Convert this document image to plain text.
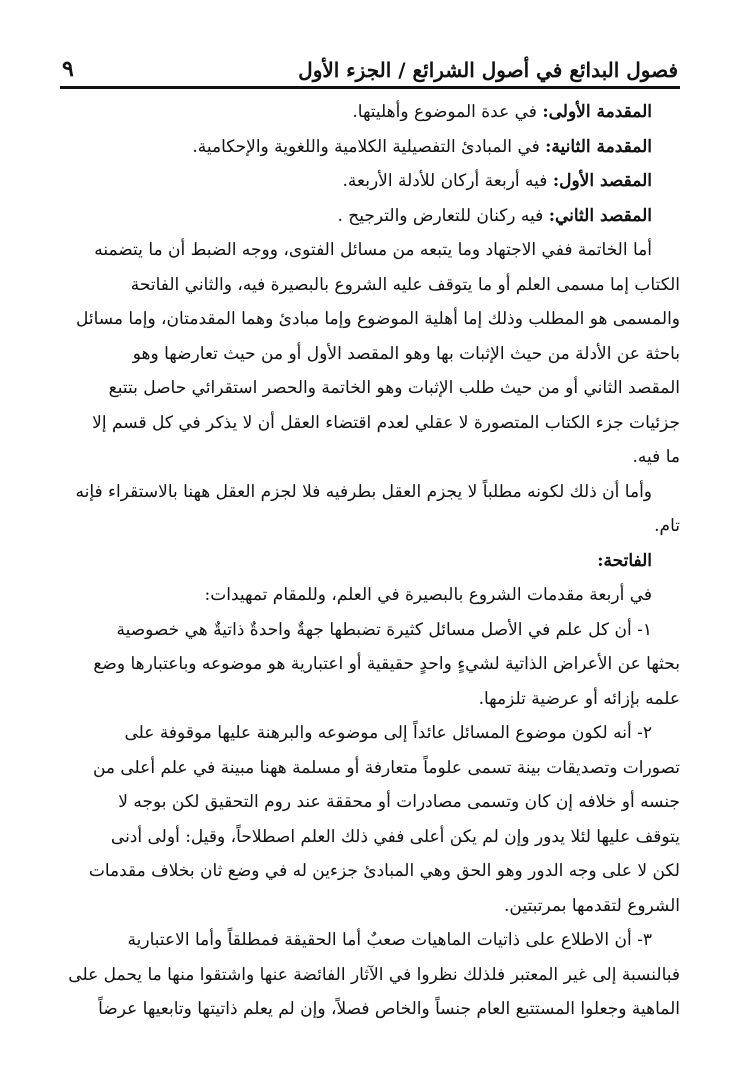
فصول البدائع في أصول الشرائع / الجزء الأول
٩
المقدمة الأولى: في عدة الموضوع وأهليتها.
المقدمة الثانية: في المبادئ التفصيلية الكلامية واللغوية والإحكامية.
المقصد الأول: فيه أربعة أركان للأدلة الأربعة.
المقصد الثاني: فيه ركنان للتعارض والترجيح .
أما الخاتمة ففي الاجتهاد وما يتبعه من مسائل الفتوى، ووجه الضبط أن ما يتضمنه
الكتاب إما مسمى العلم أو ما يتوقف عليه الشروع بالبصيرة فيه، والثاني الفاتحة
والمسمى هو المطلب وذلك إما أهلية الموضوع وإما مبادئ وهما المقدمتان، وإما مسائل
باحثة عن الأدلة من حيث الإثبات بها وهو المقصد الأول أو من حيث تعارضها وهو
المقصد الثاني أو من حيث طلب الإثبات وهو الخاتمة والحصر استقرائي حاصل بتتبع
جزئيات جزء الكتاب المتصورة لا عقلي لعدم اقتضاء العقل أن لا يذكر في كل قسم إلا
ما فيه.
وأما أن ذلك لكونه مطلباً لا يجزم العقل بطرفيه فلا لجزم العقل ههنا بالاستقراء فإنه
تام.
الفاتحة:
في أربعة مقدمات الشروع بالبصيرة في العلم، وللمقام تمهيدات:
١- أن كل علم في الأصل مسائل كثيرة تضبطها جهةٌ واحدةٌ ذاتيةٌ هي خصوصية
بحثها عن الأعراض الذاتية لشيءٍ واحدٍ حقيقية أو اعتبارية هو موضوعه وباعتبارها وضع
علمه بإزائه أو عرضية تلزمها.
٢- أنه لكون موضوع المسائل عائداً إلى موضوعه والبرهنة عليها موقوفة على
تصورات وتصديقات بينة تسمى علوماً متعارفة أو مسلمة ههنا مبينة في علم أعلى من
جنسه أو خلافه إن كان وتسمى مصادرات أو محققة عند روم التحقيق لكن بوجه لا
يتوقف عليها لئلا يدور وإن لم يكن أعلى ففي ذلك العلم اصطلاحاً، وقيل: أولى أدنى
لكن لا على وجه الدور وهو الحق وهي المبادئ جزءين له في وضع ثان بخلاف مقدمات
الشروع لتقدمها بمرتبتين.
٣- أن الاطلاع على ذاتيات الماهيات صعبٌ أما الحقيقة فمطلقاً وأما الاعتبارية
فبالنسبة إلى غير المعتبر فلذلك نظروا في الآثار الفائضة عنها واشتقوا منها ما يحمل على
الماهية وجعلوا المستتبع العام جنساً والخاص فصلاً، وإن لم يعلم ذاتيتها وتابعيها عرضاً
